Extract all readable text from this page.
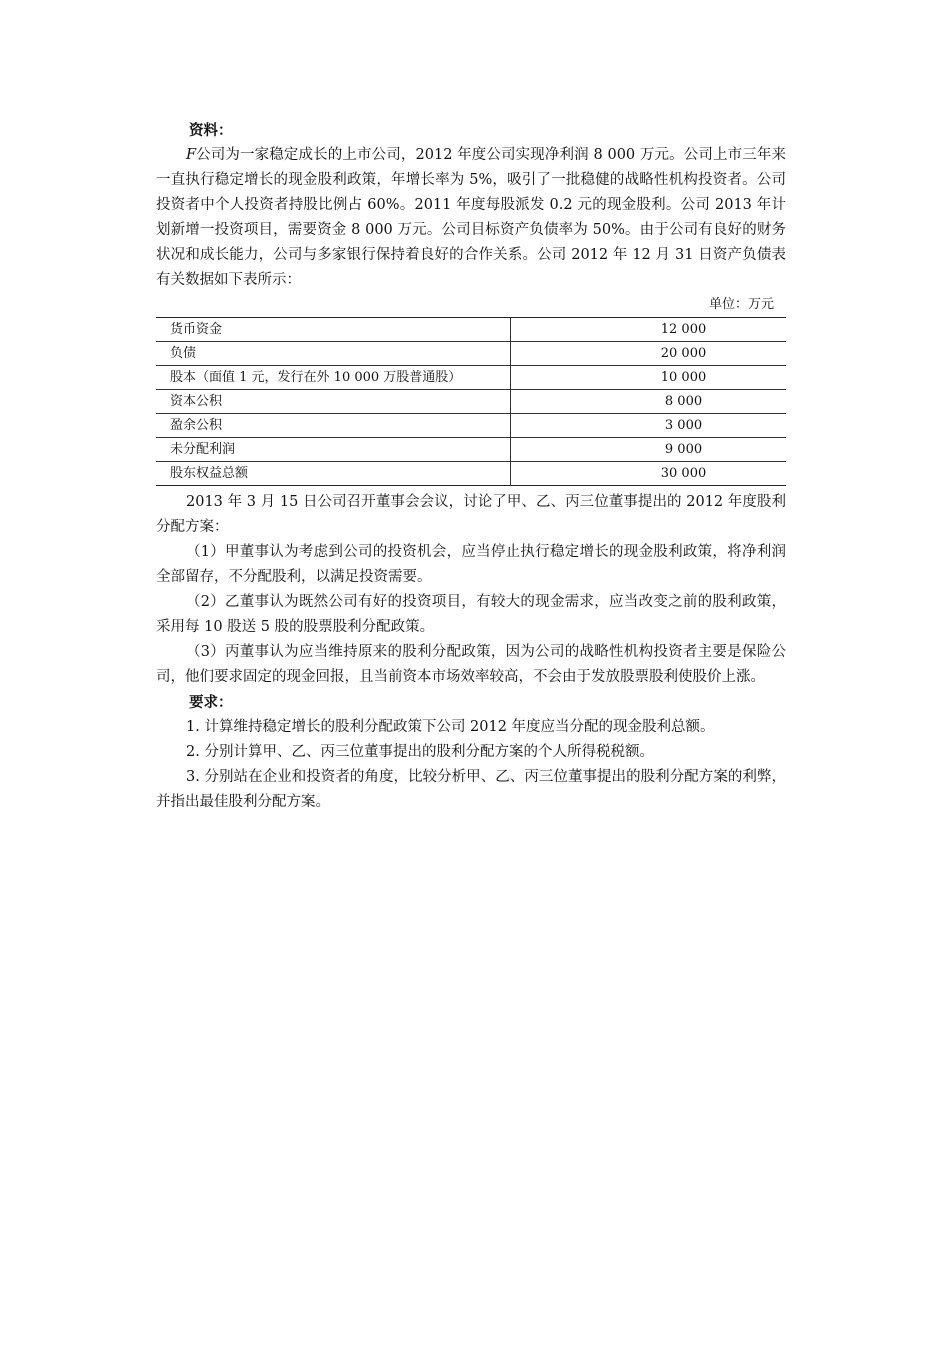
资料：

F公司为一家稳定成长的上市公司，2012 年度公司实现净利润 8 000 万元。公司上市三年来一直执行稳定增长的现金股利政策，年增长率为 5%，吸引了一批稳健的战略性机构投资者。公司投资者中个人投资者持股比例占 60%。2011 年度每股派发 0.2 元的现金股利。公司 2013 年计划新增一投资项目，需要资金 8 000 万元。公司目标资产负债率为 50%。由于公司有良好的财务状况和成长能力，公司与多家银行保持着良好的合作关系。公司 2012 年 12 月 31 日资产负债表有关数据如下表所示：

单位：万元

货币资金	12 000
负债	20 000
股本（面值 1 元，发行在外 10 000 万股普通股）	10 000
资本公积	8 000
盈余公积	3 000
未分配利润	9 000
股东权益总额	30 000

2013 年 3 月 15 日公司召开董事会会议，讨论了甲、乙、丙三位董事提出的 2012 年度股利分配方案：

（1）甲董事认为考虑到公司的投资机会，应当停止执行稳定增长的现金股利政策，将净利润全部留存，不分配股利，以满足投资需要。

（2）乙董事认为既然公司有好的投资项目，有较大的现金需求，应当改变之前的股利政策，采用每 10 股送 5 股的股票股利分配政策。

（3）丙董事认为应当维持原来的股利分配政策，因为公司的战略性机构投资者主要是保险公司，他们要求固定的现金回报，且当前资本市场效率较高，不会由于发放股票股利使股价上涨。

要求：

1. 计算维持稳定增长的股利分配政策下公司 2012 年度应当分配的现金股利总额。

2. 分别计算甲、乙、丙三位董事提出的股利分配方案的个人所得税税额。

3. 分别站在企业和投资者的角度，比较分析甲、乙、丙三位董事提出的股利分配方案的利弊，并指出最佳股利分配方案。
